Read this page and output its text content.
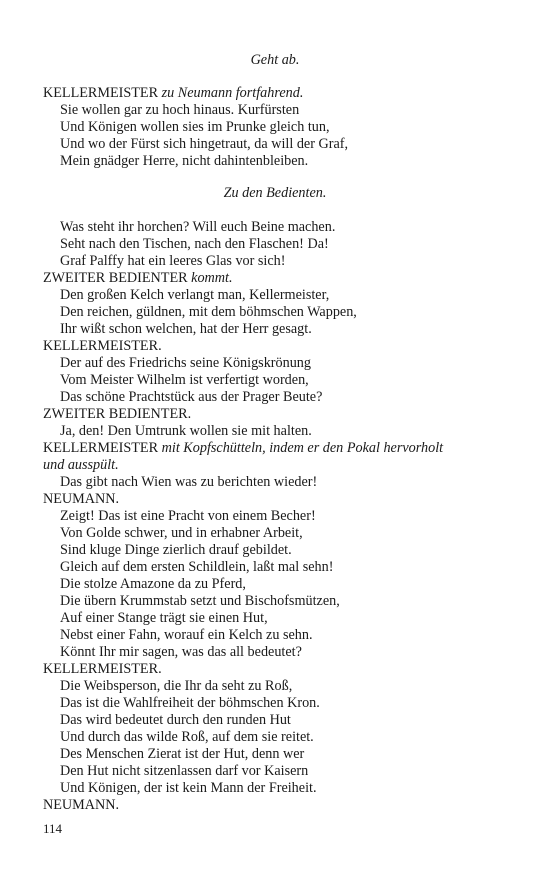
Geht ab.
KELLERMEISTER zu Neumann fortfahrend.
Sie wollen gar zu hoch hinaus. Kurfürsten
Und Königen wollen sies im Prunke gleich tun,
Und wo der Fürst sich hingetraut, da will der Graf,
Mein gnädger Herre, nicht dahintenbleiben.
Zu den Bedienten.
Was steht ihr horchen? Will euch Beine machen.
Seht nach den Tischen, nach den Flaschen! Da!
Graf Palffy hat ein leeres Glas vor sich!
ZWEITER BEDIENTER kommt.
Den großen Kelch verlangt man, Kellermeister,
Den reichen, güldnen, mit dem böhmschen Wappen,
Ihr wißt schon welchen, hat der Herr gesagt.
KELLERMEISTER.
Der auf des Friedrichs seine Königskrönung
Vom Meister Wilhelm ist verfertigt worden,
Das schöne Prachtstück aus der Prager Beute?
ZWEITER BEDIENTER.
Ja, den! Den Umtrunk wollen sie mit halten.
KELLERMEISTER mit Kopfschütteln, indem er den Pokal hervorholt
und ausspült.
Das gibt nach Wien was zu berichten wieder!
NEUMANN.
Zeigt! Das ist eine Pracht von einem Becher!
Von Golde schwer, und in erhabner Arbeit,
Sind kluge Dinge zierlich drauf gebildet.
Gleich auf dem ersten Schildlein, laßt mal sehn!
Die stolze Amazone da zu Pferd,
Die übern Krummstab setzt und Bischofsmützen,
Auf einer Stange trägt sie einen Hut,
Nebst einer Fahn, worauf ein Kelch zu sehn.
Könnt Ihr mir sagen, was das all bedeutet?
KELLERMEISTER.
Die Weibsperson, die Ihr da seht zu Roß,
Das ist die Wahlfreiheit der böhmschen Kron.
Das wird bedeutet durch den runden Hut
Und durch das wilde Roß, auf dem sie reitet.
Des Menschen Zierat ist der Hut, denn wer
Den Hut nicht sitzenlassen darf vor Kaisern
Und Königen, der ist kein Mann der Freiheit.
NEUMANN.
114
